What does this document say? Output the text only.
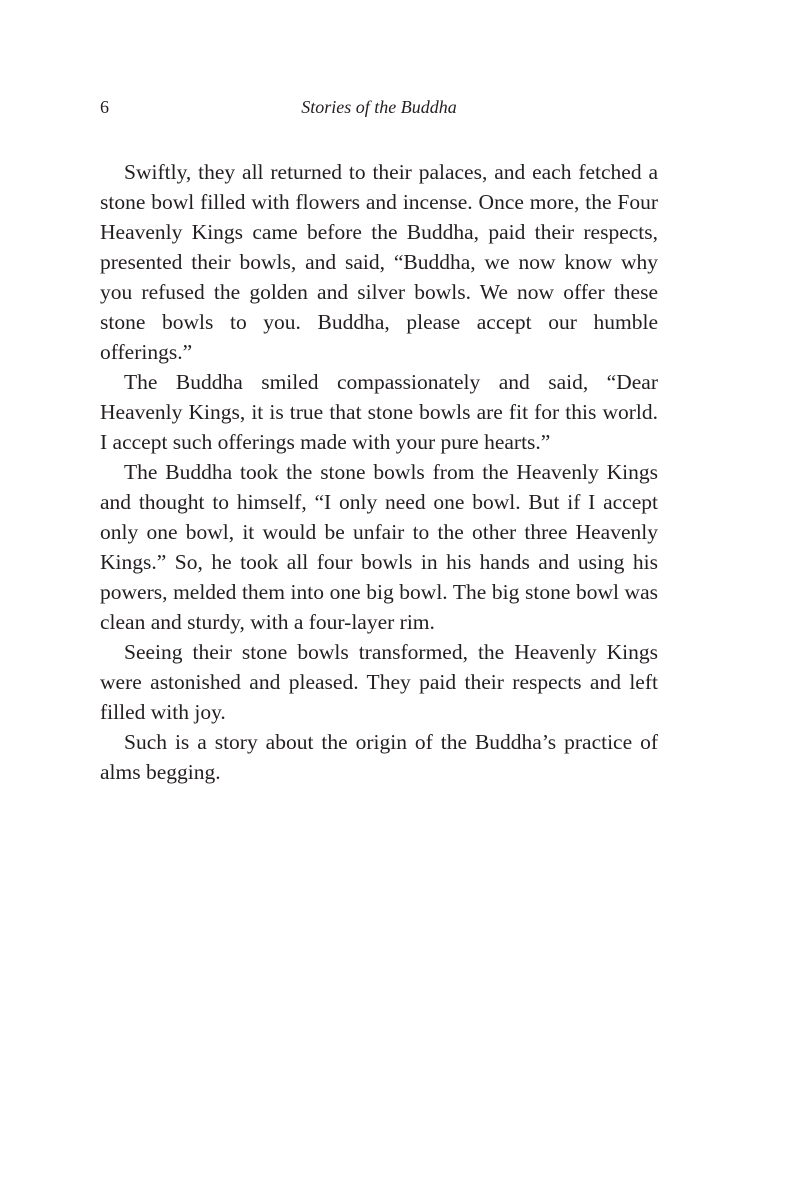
6	Stories of the Buddha

Swiftly, they all returned to their palaces, and each fetched a stone bowl filled with flowers and incense. Once more, the Four Heavenly Kings came before the Buddha, paid their respects, presented their bowls, and said, “Buddha, we now know why you refused the golden and silver bowls. We now offer these stone bowls to you. Buddha, please accept our humble offerings.”

The Buddha smiled compassionately and said, “Dear Heavenly Kings, it is true that stone bowls are fit for this world. I accept such offerings made with your pure hearts.”

The Buddha took the stone bowls from the Heavenly Kings and thought to himself, “I only need one bowl. But if I accept only one bowl, it would be unfair to the other three Heavenly Kings.” So, he took all four bowls in his hands and using his powers, melded them into one big bowl. The big stone bowl was clean and sturdy, with a four-layer rim.

Seeing their stone bowls transformed, the Heavenly Kings were astonished and pleased. They paid their respects and left filled with joy.

Such is a story about the origin of the Buddha’s practice of alms begging.
